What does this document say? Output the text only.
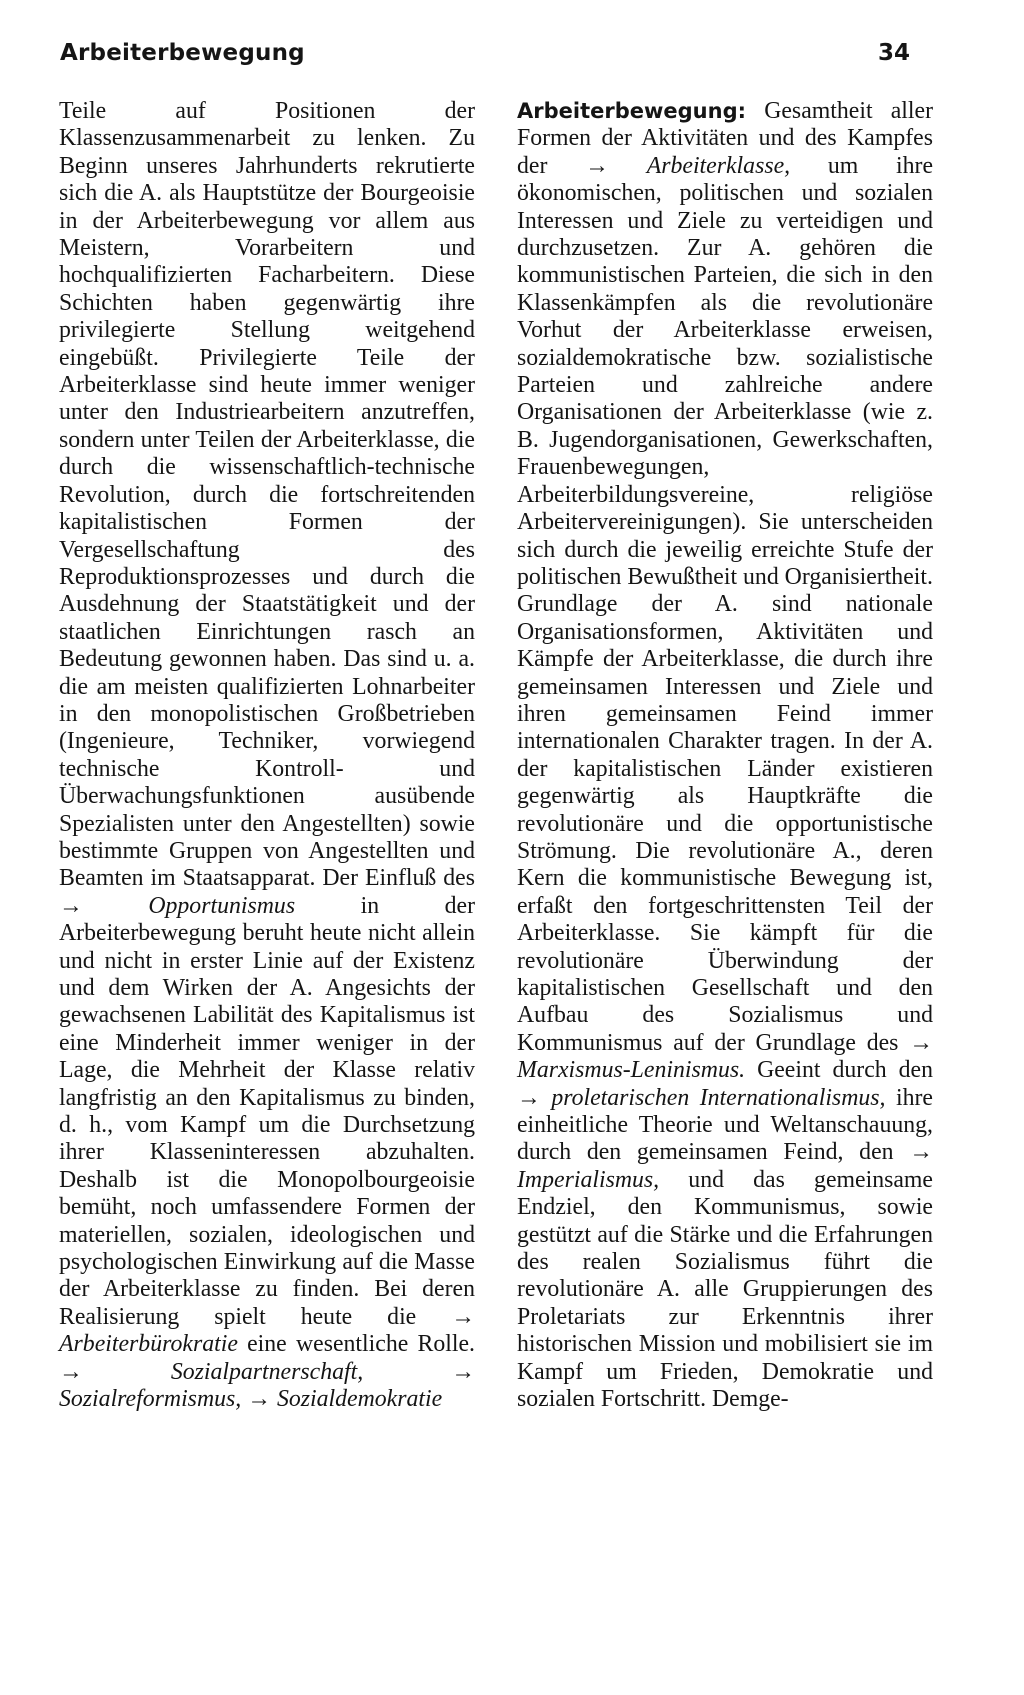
Arbeiterbewegung	34

Teile auf Positionen der Klassenzusammenarbeit zu lenken. Zu Beginn unseres Jahrhunderts rekrutierte sich die A. als Hauptstütze der Bourgeoisie in der Arbeiterbewegung vor allem aus Meistern, Vorarbeitern und hochqualifizierten Facharbeitern. Diese Schichten haben gegenwärtig ihre privilegierte Stellung weitgehend eingebüßt. Privilegierte Teile der Arbeiterklasse sind heute immer weniger unter den Industriearbeitern anzutreffen, sondern unter Teilen der Arbeiterklasse, die durch die wissenschaftlich-technische Revolution, durch die fortschreitenden kapitalistischen Formen der Vergesellschaftung des Reproduktionsprozesses und durch die Ausdehnung der Staatstätigkeit und der staatlichen Einrichtungen rasch an Bedeutung gewonnen haben. Das sind u. a. die am meisten qualifizierten Lohnarbeiter in den monopolistischen Großbetrieben (Ingenieure, Techniker, vorwiegend technische Kontroll- und Überwachungsfunktionen ausübende Spezialisten unter den Angestellten) sowie bestimmte Gruppen von Angestellten und Beamten im Staatsapparat. Der Einfluß des →	Opportunismus	in der Arbeiterbewegung beruht heute nicht allein und nicht in erster Linie auf der Existenz und dem Wirken der A. Angesichts der gewachsenen Labilität des Kapitalismus ist eine Minderheit immer weniger in der Lage, die Mehrheit der Klasse relativ langfristig an den Kapitalismus zu binden, d. h., vom Kampf um die Durchsetzung ihrer Klasseninteressen abzuhalten. Deshalb ist die Monopolbourgeoisie bemüht, noch umfassendere Formen der materiellen, sozialen, ideologischen und psychologischen Einwirkung auf die Masse der Arbeiterklasse zu finden. Bei deren Realisierung spielt heute die → Arbeiterbürokratie eine wesentliche Rolle. →	Sozialpartnerschaft,	→ Sozialreformismus, → Sozialdemokratie

Arbeiterbewegung: Gesamtheit aller Formen der Aktivitäten und des Kampfes der → Arbeiterklasse, um ihre ökonomischen, politischen und sozialen Interessen und Ziele zu verteidigen und durchzusetzen. Zur A. gehören die kommunistischen Parteien, die sich in den Klassenkämpfen als die revolutionäre Vorhut der Arbeiterklasse erweisen, sozialdemokratische bzw. sozialistische Parteien und zahlreiche andere Organisationen der Arbeiterklasse (wie z. B. Jugendorganisationen, Gewerkschaften, Frauenbewegungen, Arbeiterbildungsvereine, religiöse Arbeitervereinigungen). Sie unterscheiden sich durch die jeweilig erreichte Stufe der politischen Bewußtheit und Organisiertheit.

Grundlage der A. sind nationale Organisationsformen, Aktivitäten und Kämpfe der Arbeiterklasse, die durch ihre gemeinsamen Interessen und Ziele und ihren gemeinsamen Feind immer internationalen Charakter tragen. In der A. der kapitalistischen Länder existieren gegenwärtig als Hauptkräfte die revolutionäre und die opportunistische Strömung. Die revolutionäre A., deren Kern die kommunistische Bewegung ist, erfaßt den fortgeschrittensten Teil der Arbeiterklasse. Sie kämpft für die revolutionäre Überwindung der kapitalistischen Gesellschaft und den Aufbau des Sozialismus und Kommunismus auf der Grundlage des → Marxismus-Leninismus. Geeint durch den → proletarischen Internationalismus, ihre einheitliche Theorie und Weltanschauung, durch den gemeinsamen Feind, den → Imperialismus, und das gemeinsame Endziel, den Kommunismus, sowie gestützt auf die Stärke und die Erfahrungen des realen Sozialismus führt die revolutionäre A. alle Gruppierungen des Proletariats zur Erkenntnis ihrer historischen Mission und mobilisiert sie im Kampf um Frieden, Demokratie und sozialen Fortschritt. Demge-
